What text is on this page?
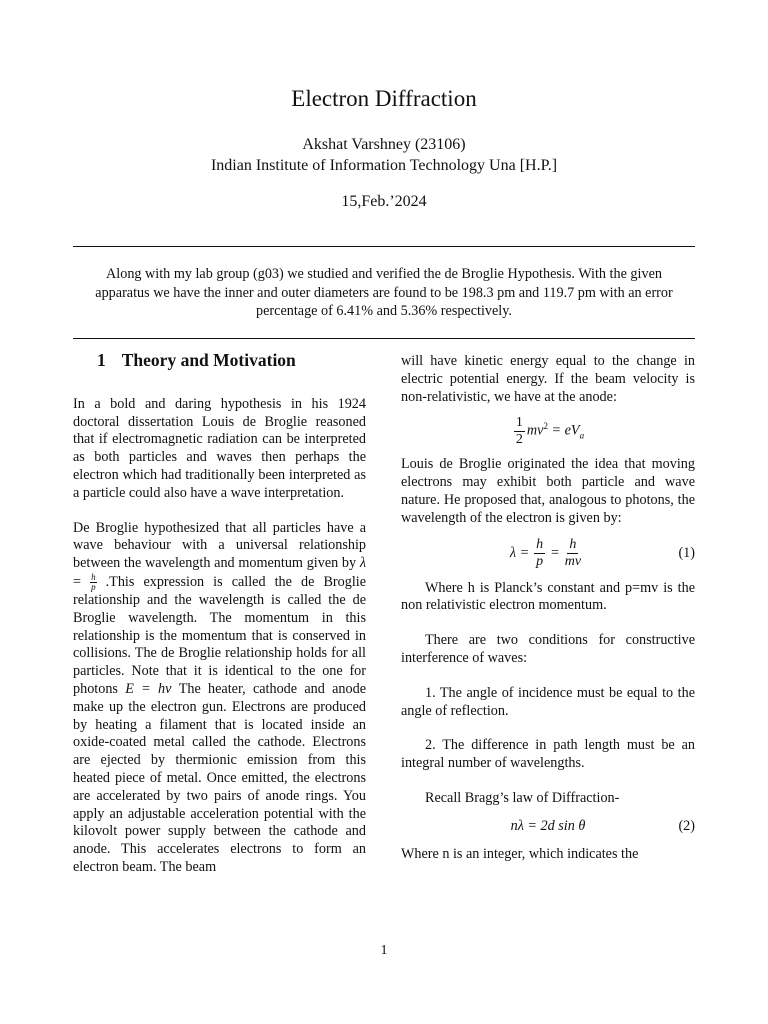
Electron Diffraction
Akshat Varshney (23106)
Indian Institute of Information Technology Una [H.P.]
15,Feb.’2024
Along with my lab group (g03) we studied and verified the de Broglie Hypothesis. With the given apparatus we have the inner and outer diameters are found to be 198.3 pm and 119.7 pm with an error percentage of 6.41% and 5.36% respectively.
1 Theory and Motivation

In a bold and daring hypothesis in his 1924 doctoral dissertation Louis de Broglie reasoned that if electromagnetic radiation can be interpreted as both particles and waves then perhaps the electron which had traditionally been interpreted as a particle could also have a wave interpretation.

De Broglie hypothesized that all particles have a wave behaviour with a universal relationship between the wavelength and momentum given by $\lambda = \frac{h}{p}$ .This expression is called the de Broglie relationship and the wavelength is called the de Broglie wavelength. The momentum in this relationship is the momentum that is conserved in collisions. The de Broglie relationship holds for all particles. Note that it is identical to the one for photons E = hν The heater, cathode and anode make up the electron gun. Electrons are produced by heating a filament that is located inside an oxide-coated metal called the cathode. Electrons are ejected by thermionic emission from this heated piece of metal. Once emitted, the electrons are accelerated by two pairs of anode rings. You apply an adjustable acceleration potential with the kilovolt power supply between the cathode and anode. This accelerates electrons to form an electron beam. The beam

will have kinetic energy equal to the change in electric potential energy. If the beam velocity is non-relativistic, we have at the anode:

$\frac{1}{2} mv^2 = eV_a$

Louis de Broglie originated the idea that moving electrons may exhibit both particle and wave nature. He proposed that, analogous to photons, the wavelength of the electron is given by:

$\lambda = \frac{h}{p} = \frac{h}{mv}$	(1)

Where h is Planck’s constant and p=mv is the non relativistic electron momentum.

There are two conditions for constructive interference of waves:

1. The angle of incidence must be equal to the angle of reflection.

2. The difference in path length must be an integral number of wavelengths.

Recall Bragg’s law of Diffraction-

nλ = 2d sin θ	(2)

Where n is an integer, which indicates the

1
